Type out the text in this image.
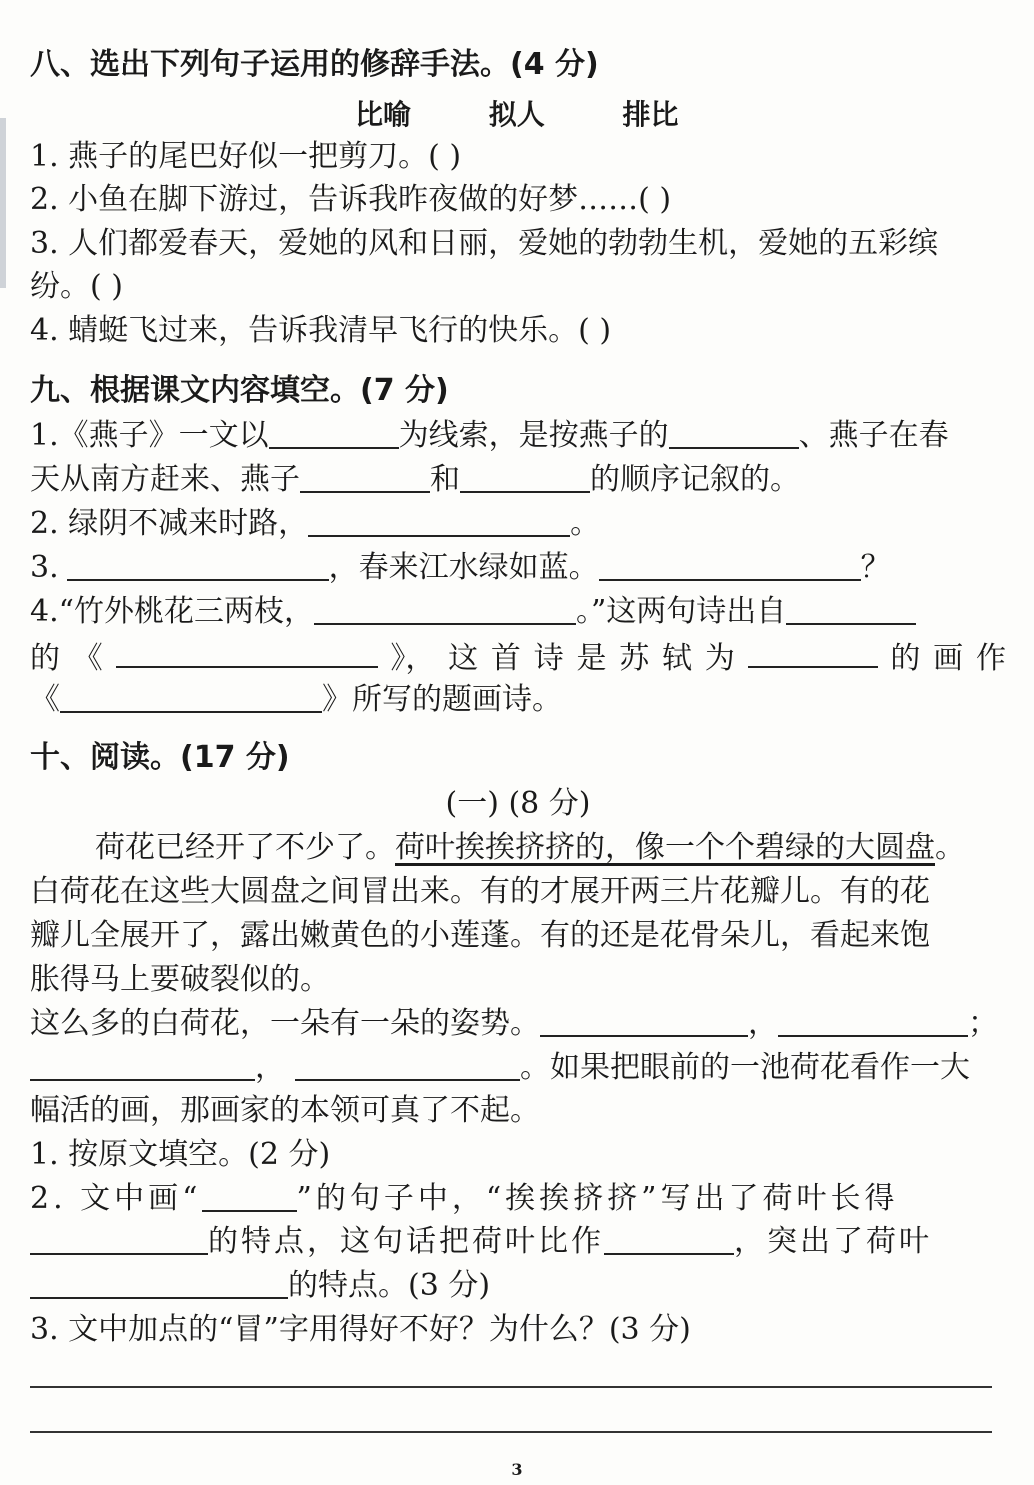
八、选出下列句子运用的修辞手法。(4 分)
比喻	拟人	排比
1. 燕子的尾巴好似一把剪刀。( )
2. 小鱼在脚下游过，告诉我昨夜做的好梦……( )
3. 人们都爱春天，爱她的风和日丽，爱她的勃勃生机，爱她的五彩缤
纷。( )
4. 蜻蜓飞过来，告诉我清早飞行的快乐。( )
九、根据课文内容填空。(7 分)
1.《燕子》一文以	为线索，是按燕子的	、燕子在春
天从南方赶来、燕子	和	的顺序记叙的。
2. 绿阴不减来时路，	。
3.	，春来江水绿如蓝。	？
4.“竹外桃花三两枝，	。”这两句诗出自
的 《	》， 这 首 诗 是 苏 轼 为	的 画 作
《	》所写的题画诗。
十、阅读。(17 分)
(一) (8 分)
荷花已经开了不少了。荷叶挨挨挤挤的，像一个个碧绿的大圆盘。
白荷花在这些大圆盘之间冒出来。有的才展开两三片花瓣儿。有的花
瓣儿全展开了，露出嫩黄色的小莲蓬。有的还是花骨朵儿，看起来饱
胀得马上要破裂似的。
这么多的白荷花，一朵有一朵的姿势。	，	；
，	。如果把眼前的一池荷花看作一大
幅活的画，那画家的本领可真了不起。
1. 按原文填空。(2 分)
2. 文中画“	”的句子中，“挨挨挤挤”写出了荷叶长得
的特点，这句话把荷叶比作	，突出了荷叶
的特点。(3 分)
3. 文中加点的“冒”字用得好不好？为什么？(3 分)
3
